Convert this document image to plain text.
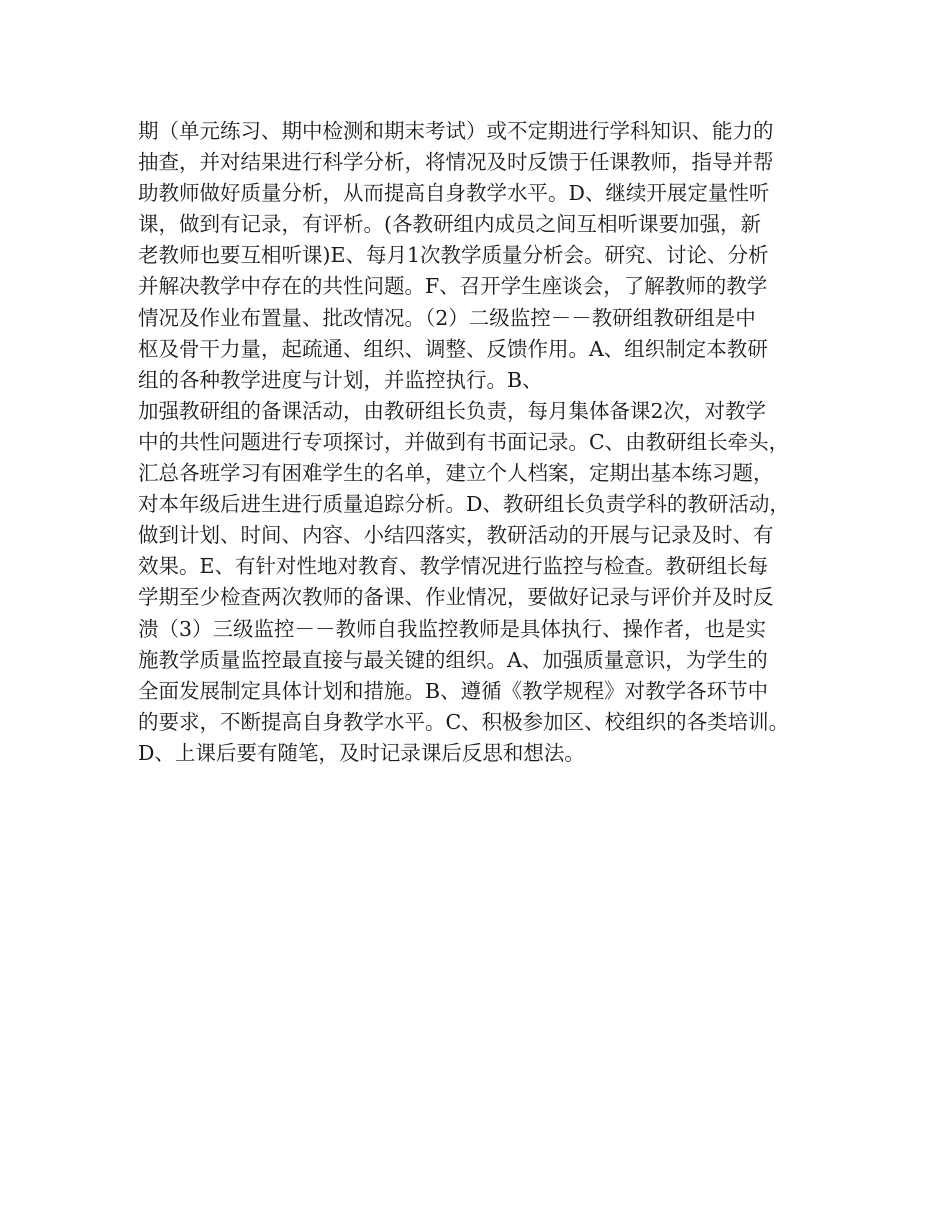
期（单元练习、期中检测和期末考试）或不定期进行学科知识、能力的
抽查，并对结果进行科学分析，将情况及时反馈于任课教师，指导并帮
助教师做好质量分析，从而提高自身教学水平。D、继续开展定量性听
课，做到有记录，有评析。(各教研组内成员之间互相听课要加强，新
老教师也要互相听课)E、每月1次教学质量分析会。研究、讨论、分析
并解决教学中存在的共性问题。F、召开学生座谈会，了解教师的教学
情况及作业布置量、批改情况。（2）二级监控－－教研组教研组是中
枢及骨干力量，起疏通、组织、调整、反馈作用。A、组织制定本教研
组的各种教学进度与计划，并监控执行。B、
加强教研组的备课活动，由教研组长负责，每月集体备课2次，对教学
中的共性问题进行专项探讨，并做到有书面记录。C、由教研组长牵头，
汇总各班学习有困难学生的名单，建立个人档案，定期出基本练习题，
对本年级后进生进行质量追踪分析。D、教研组长负责学科的教研活动，
做到计划、时间、内容、小结四落实，教研活动的开展与记录及时、有
效果。E、有针对性地对教育、教学情况进行监控与检查。教研组长每
学期至少检查两次教师的备课、作业情况，要做好记录与评价并及时反
溃（3）三级监控－－教师自我监控教师是具体执行、操作者，也是实
施教学质量监控最直接与最关键的组织。A、加强质量意识，为学生的
全面发展制定具体计划和措施。B、遵循《教学规程》对教学各环节中
的要求，不断提高自身教学水平。C、积极参加区、校组织的各类培训。
D、上课后要有随笔，及时记录课后反思和想法。
